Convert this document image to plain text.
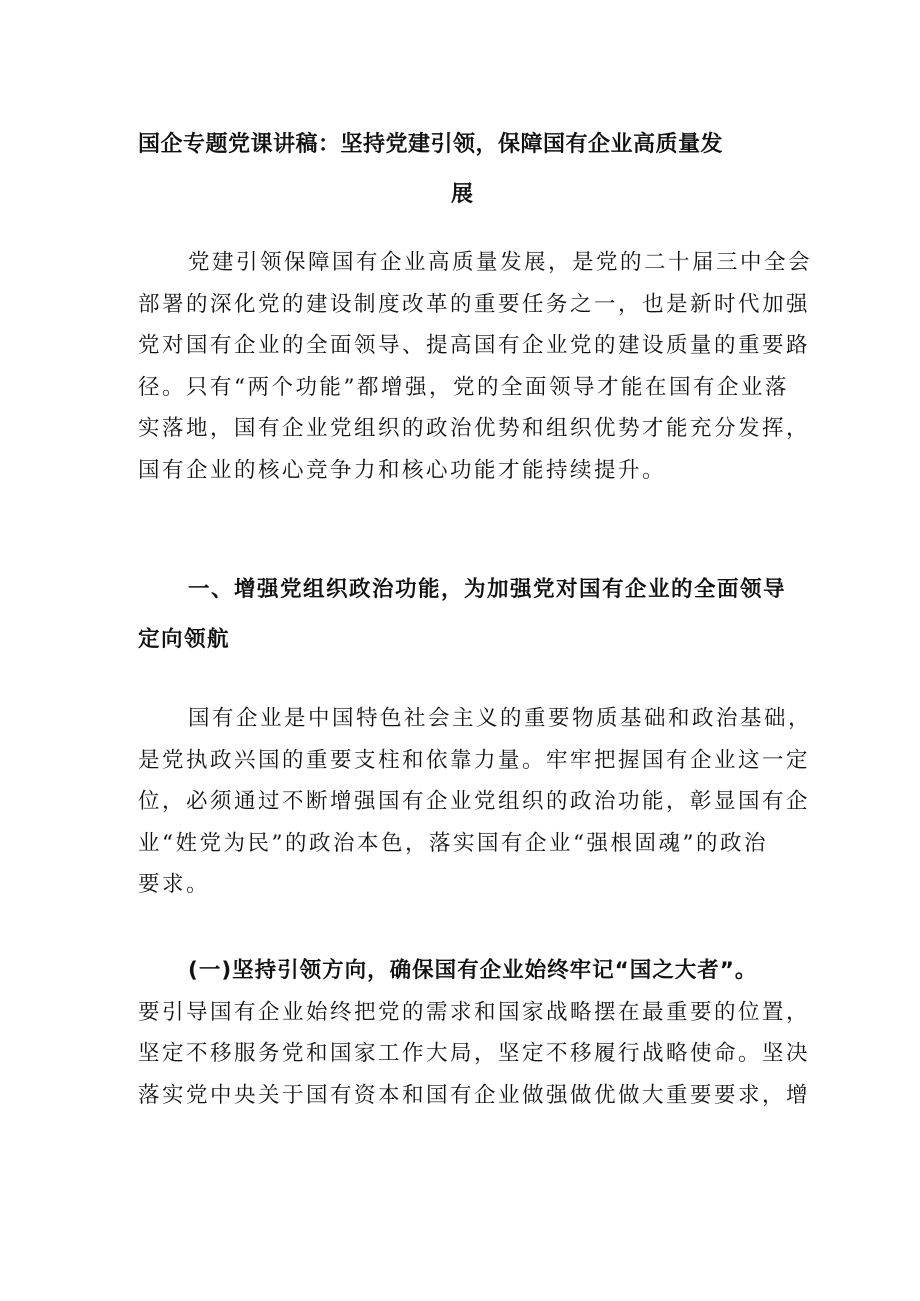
国企专题党课讲稿：坚持党建引领，保障国有企业高质量发
展
党建引领保障国有企业高质量发展，是党的二十届三中全会
部署的深化党的建设制度改革的重要任务之一，也是新时代加强
党对国有企业的全面领导、提高国有企业党的建设质量的重要路
径。只有“两个功能”都增强，党的全面领导才能在国有企业落
实落地，国有企业党组织的政治优势和组织优势才能充分发挥，
国有企业的核心竞争力和核心功能才能持续提升。
一、增强党组织政治功能，为加强党对国有企业的全面领导
定向领航
国有企业是中国特色社会主义的重要物质基础和政治基础，
是党执政兴国的重要支柱和依靠力量。牢牢把握国有企业这一定
位，必须通过不断增强国有企业党组织的政治功能，彰显国有企
业“姓党为民”的政治本色，落实国有企业“强根固魂”的政治
要求。
(一)坚持引领方向，确保国有企业始终牢记“国之大者”。
要引导国有企业始终把党的需求和国家战略摆在最重要的位置，
坚定不移服务党和国家工作大局，坚定不移履行战略使命。坚决
落实党中央关于国有资本和国有企业做强做优做大重要要求，增
